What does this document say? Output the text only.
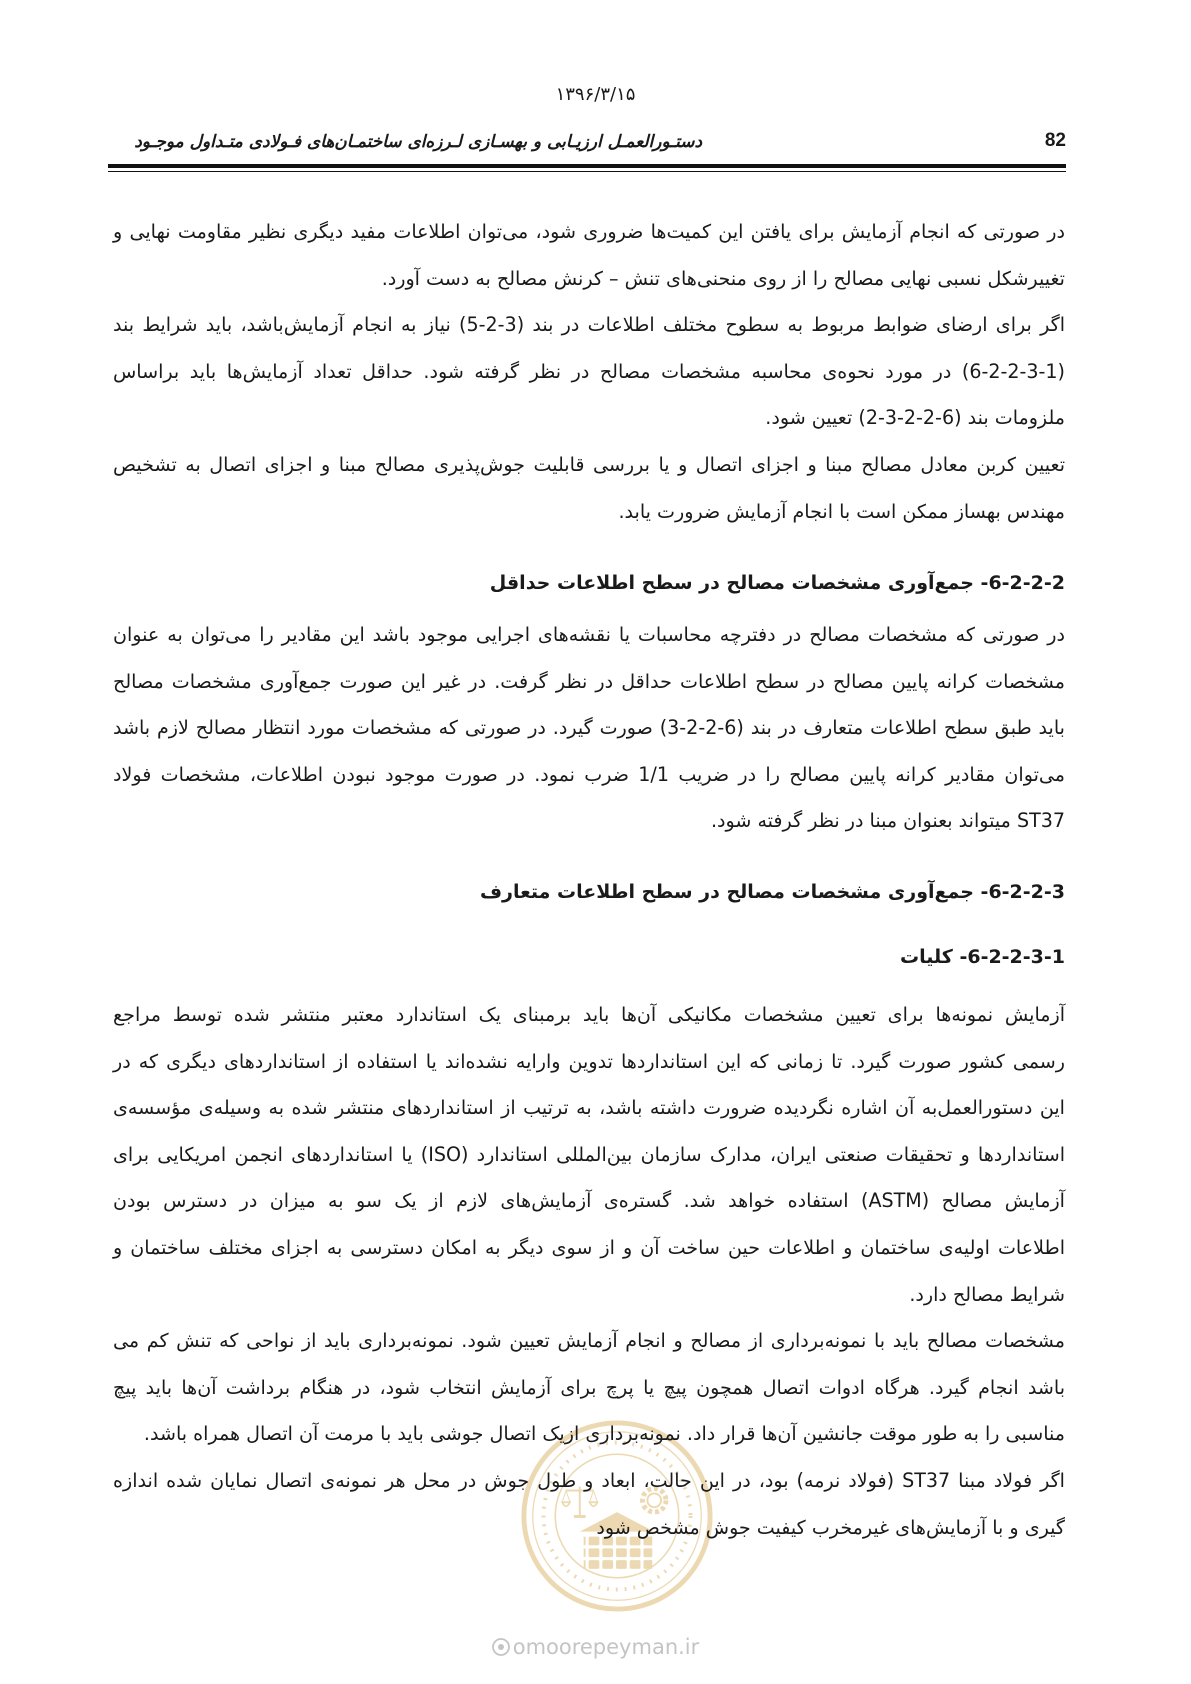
۱۳۹۶/۳/۱۵
دستـورالعمـل ارزیـابی و بهسـازی لـرزه‌ای ساختمـان‌های فـولادی متـداول موجـود	82
در صورتی که انجام آزمایش برای یافتن این کمیت‌ها ضروری شود، می‌توان اطلاعات مفید دیگری نظیر مقاومت نهایی و
تغییرشکل نسبی نهایی مصالح را از روی منحنی‌های تنش – کرنش مصالح به دست آورد.
اگر برای ارضای ضوابط مربوط به سطوح مختلف اطلاعات در بند (3-2-5) نیاز به انجام آزمایش‌باشد، باید شرایط بند
(6-2-2-3-1) در مورد نحوه‌ی محاسبه مشخصات مصالح در نظر گرفته شود. حداقل تعداد آزمایش‌ها باید براساس
ملزومات بند (6-2-2-3-2) تعیین شود.
تعیین کربن معادل مصالح مبنا و اجزای اتصال و یا بررسی قابلیت جوش‌پذیری مصالح مبنا و اجزای اتصال به تشخیص
مهندس بهساز ممکن است با انجام آزمایش ضرورت یابد.
6-2-2-2- جمع‌آوری مشخصات مصالح در سطح اطلاعات حداقل
در صورتی که مشخصات مصالح در دفترچه محاسبات یا نقشه‌های اجرایی موجود باشد این مقادیر را می‌توان به عنوان
مشخصات کرانه پایین مصالح در سطح اطلاعات حداقل در نظر گرفت. در غیر این صورت جمع‌آوری مشخصات مصالح
باید طبق سطح اطلاعات متعارف در بند (6-2-2-3) صورت گیرد. در صورتی که مشخصات مورد انتظار مصالح لازم باشد
می‌توان مقادیر کرانه پایین مصالح را در ضریب 1/1 ضرب نمود. در صورت موجود نبودن اطلاعات، مشخصات فولاد
ST37 میتواند بعنوان مبنا در نظر گرفته شود.
6-2-2-3- جمع‌آوری مشخصات مصالح در سطح اطلاعات متعارف
6-2-2-3-1- کلیات
آزمایش نمونه‌ها برای تعیین مشخصات مکانیکی آن‌ها باید برمبنای یک استاندارد معتبر منتشر شده توسط مراجع
رسمی کشور صورت گیرد. تا زمانی که این استانداردها تدوین وارایه نشده‌اند یا استفاده از استانداردهای دیگری که در
این دستورالعمل‌به آن اشاره نگردیده ضرورت داشته باشد، به ترتیب از استانداردهای منتشر شده به وسیله‌ی مؤسسه‌ی
استانداردها و تحقیقات صنعتی ایران، مدارک سازمان بین‌المللی استاندارد (ISO) یا استانداردهای انجمن امریکایی برای
آزمایش مصالح (ASTM) استفاده خواهد شد. گستره‌ی آزمایش‌های لازم از یک سو به میزان در دسترس بودن
اطلاعات اولیه‌ی ساختمان و اطلاعات حین ساخت آن و از سوی دیگر به امکان دسترسی به اجزای مختلف ساختمان و
شرایط مصالح دارد.
مشخصات مصالح باید با نمونه‌برداری از مصالح و انجام آزمایش تعیین شود. نمونه‌برداری باید از نواحی که تنش کم می
باشد انجام گیرد. هرگاه ادوات اتصال همچون پیچ یا پرچ برای آزمایش انتخاب شود، در هنگام برداشت آن‌ها باید پیچ
مناسبی را به طور موقت جانشین آن‌ها قرار داد. نمونه‌برداری ازیک اتصال جوشی باید با مرمت آن اتصال همراه باشد.
اگر فولاد مبنا ST37 (فولاد نرمه) بود، در این حالت، ابعاد و طول جوش در محل هر نمونه‌ی اتصال نمایان شده اندازه
گیری و با آزمایش‌های غیرمخرب کیفیت جوش مشخص شود
omoorepeyman.ir
